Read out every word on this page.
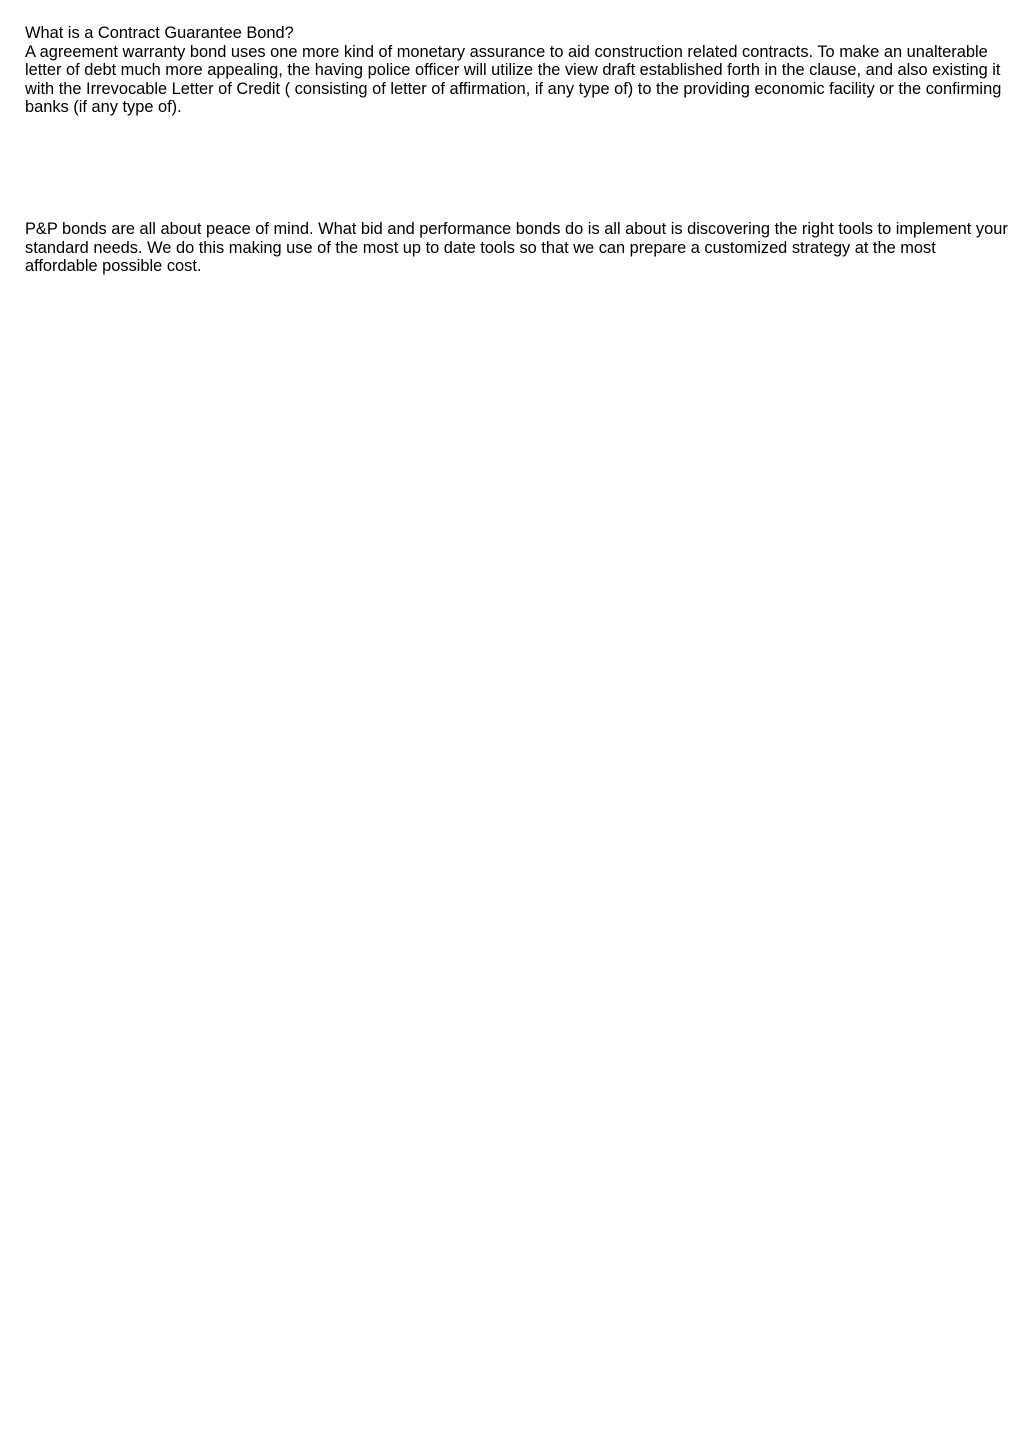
What is a Contract Guarantee Bond?
A agreement warranty bond uses one more kind of monetary assurance to aid construction related contracts. To make an unalterable letter of debt much more appealing, the having police officer will utilize the view draft established forth in the clause, and also existing it with the Irrevocable Letter of Credit ( consisting of letter of affirmation, if any type of) to the providing economic facility or the confirming banks (if any type of).
P&P bonds are all about peace of mind. What bid and performance bonds do is all about is discovering the right tools to implement your standard needs. We do this making use of the most up to date tools so that we can prepare a customized strategy at the most affordable possible cost.
